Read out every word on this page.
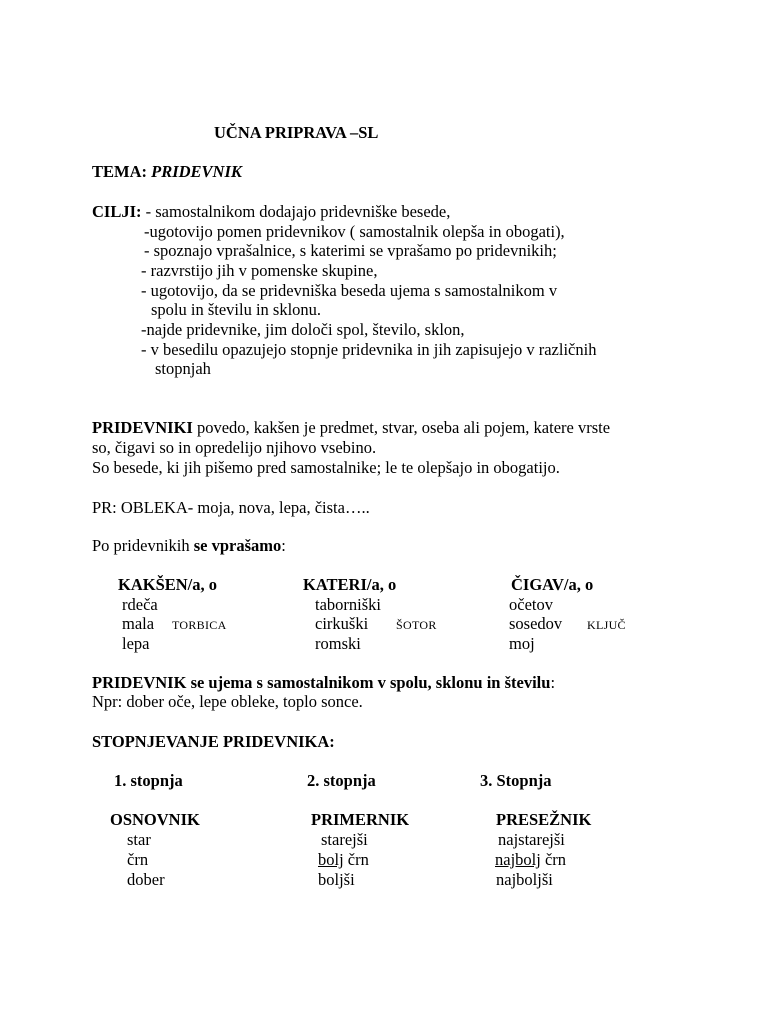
UČNA PRIPRAVA –SL
TEMA: PRIDEVNIK
CILJI: - samostalnikom dodajajo pridevniške besede,
-ugotovijo pomen pridevnikov ( samostalnik olepša in obogati),
- spoznajo vprašalnice, s katerimi se vprašamo po pridevnikih;
- razvrstijo jih v pomenske skupine,
- ugotovijo, da se pridevniška beseda ujema s samostalnikom v
spolu in številu in sklonu.
-najde pridevnike, jim določi spol, število, sklon,
- v besedilu opazujejo stopnje pridevnika in jih zapisujejo v različnih
stopnjah
PRIDEVNIKI povedo, kakšen je predmet, stvar, oseba ali pojem, katere vrste
so, čigavi so in opredelijo njihovo vsebino.
So besede, ki jih pišemo pred samostalnike; le te olepšajo in obogatijo.
PR: OBLEKA- moja, nova, lepa, čista…..
Po pridevnikih se vprašamo:
KAKŠEN/a, o
rdeča
mala TORBICA
lepa
KATERI/a, o
taborniški
cirkuški ŠOTOR
romski
ČIGAV/a, o
očetov
sosedov KLJUČ
moj
PRIDEVNIK se ujema s samostalnikom v spolu, sklonu in številu:
Npr: dober oče, lepe obleke, toplo sonce.
STOPNJEVANJE PRIDEVNIKA:
1. stopnja
OSNOVNIK
star
črn
dober
2. stopnja
PRIMERNIK
starejši
bolj črn
boljši
3. Stopnja
PRESEŽNIK
najstarejši
najbolj črn
najboljši
